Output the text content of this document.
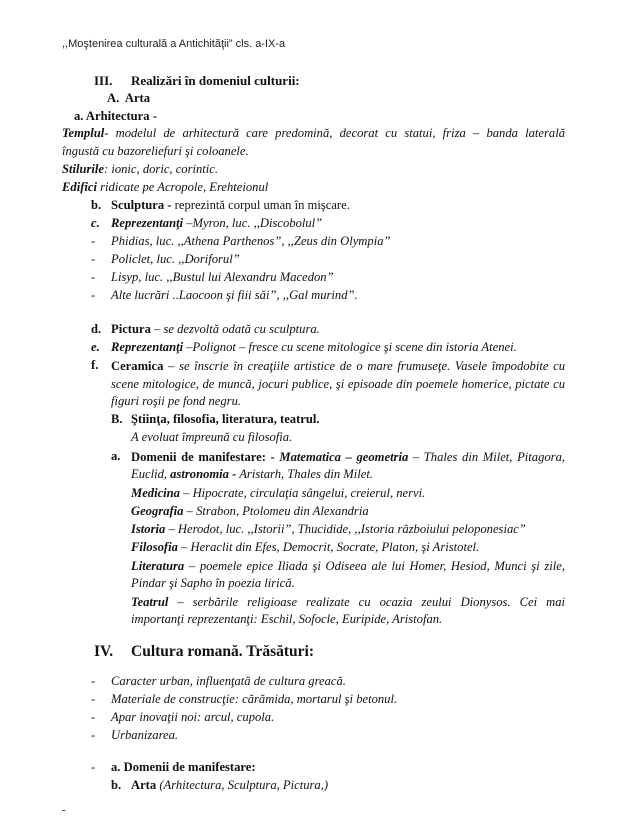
,,Moştenirea culturală a Antichităţii” cls. a-IX-a
III. Realizări în domeniul culturii:
A. Arta
a. Arhitectura -
Templul- modelul de arhitectură care predomină, decorat cu statui, friza – banda laterală
îngustă cu bazoreliefuri şi coloanele.
Stilurile: ionic, doric, corintic.
Edifici ridicate pe Acropole, Erehteionul
b. Sculptura - reprezintă corpul uman în mişcare.
c. Reprezentanţi –Myron, luc. ,,Discobolul”
- Phidias, luc. ,,Athena Parthenos”, ,,Zeus din Olympia”
- Policlet, luc. ,,Doriforul”
- Lisyp, luc. ,,Bustul lui Alexandru Macedon”
- Alte lucrări ..Laocoon şi fiii săi”, ,,Gal murind”.
d. Pictura – se dezvoltă odată cu sculptura.
e. Reprezentanţi –Polignot – fresce cu scene mitologice şi scene din istoria Atenei.
f. Ceramica – se înscrie în creaţiile artistice de o mare frumuseţe. Vasele împodobite cu
scene mitologice, de muncă, jocuri publice, şi episoade din poemele homerice, pictate cu
figuri roşii pe fond negru.
B. Ştiinţa, filosofia, literatura, teatrul.
A evoluat împreună cu filosofia.
a. Domenii de manifestare: - Matematica – geometria – Thales din Milet, Pitagora,
Euclid, astronomia - Aristarh, Thales din Milet.
Medicina – Hipocrate, circulaţia sângelui, creierul, nervi.
Geografia – Strabon, Ptolomeu din Alexandria
Istoria – Herodot, luc. ,,Istorii”, Thucidide, ,,Istoria războiului peloponesiac”
Filosofia – Heraclit din Efes, Democrit, Socrate, Platon, şi Aristotel.
Literatura – poemele epice Iliada şi Odiseea ale lui Homer, Hesiod, Munci şi zile,
Pindar şi Sapho în poezia lirică.
Teatrul – serbările religioase realizate cu ocazia zeului Dionysos. Cei mai
importanţi reprezentanţi: Eschil, Sofocle, Euripide, Aristofan.
IV. Cultura romană. Trăsături:
- Caracter urban, influenţată de cultura greacă.
- Materiale de construcţie: cărămida, mortarul şi betonul.
- Apar inovaţii noi: arcul, cupola.
- Urbanizarea.
- a. Domenii de manifestare:
b. Arta (Arhitectura, Sculptura, Pictura,)
-
